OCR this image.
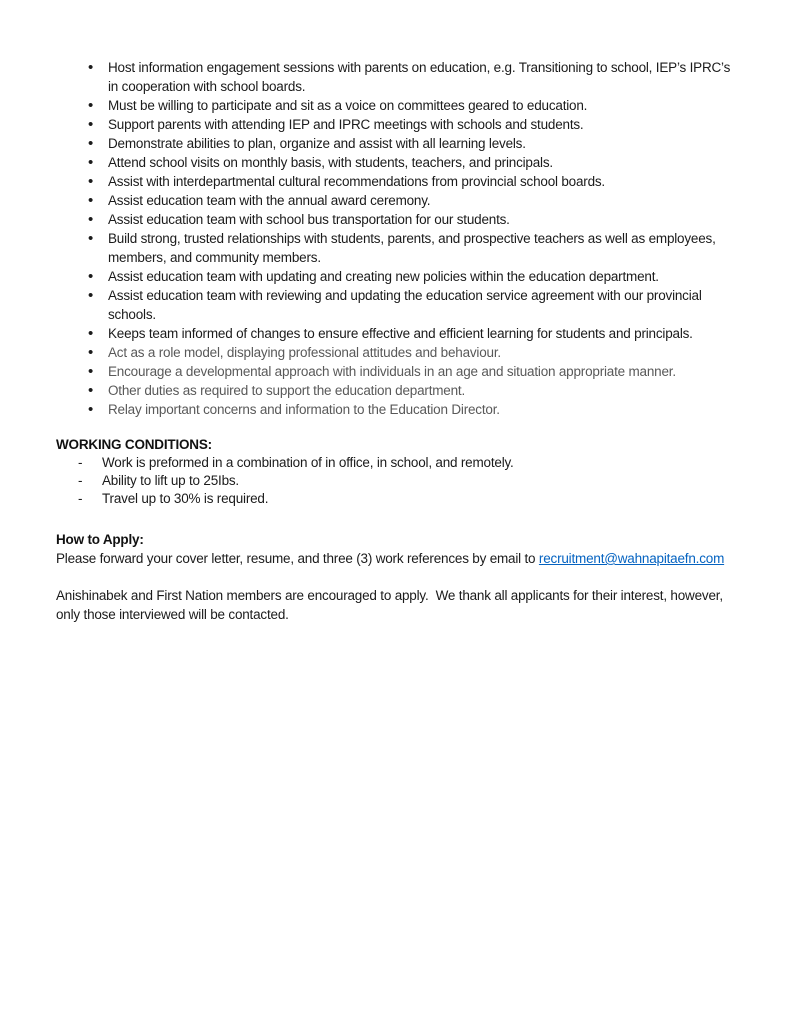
• Host information engagement sessions with parents on education, e.g. Transitioning to school, IEP’s IPRC’s in cooperation with school boards.
• Must be willing to participate and sit as a voice on committees geared to education.
• Support parents with attending IEP and IPRC meetings with schools and students.
• Demonstrate abilities to plan, organize and assist with all learning levels.
• Attend school visits on monthly basis, with students, teachers, and principals.
• Assist with interdepartmental cultural recommendations from provincial school boards.
• Assist education team with the annual award ceremony.
• Assist education team with school bus transportation for our students.
• Build strong, trusted relationships with students, parents, and prospective teachers as well as employees, members, and community members.
• Assist education team with updating and creating new policies within the education department.
• Assist education team with reviewing and updating the education service agreement with our provincial schools.
• Keeps team informed of changes to ensure effective and efficient learning for students and principals.
• Act as a role model, displaying professional attitudes and behaviour.
• Encourage a developmental approach with individuals in an age and situation appropriate manner.
• Other duties as required to support the education department.
• Relay important concerns and information to the Education Director.

WORKING CONDITIONS:

- Work is preformed in a combination of in office, in school, and remotely.
- Ability to lift up to 25Ibs.
- Travel up to 30% is required.

How to Apply:

Please forward your cover letter, resume, and three (3) work references by email to recruitment@wahnapitaefn.com

Anishinabek and First Nation members are encouraged to apply.  We thank all applicants for their interest, however, only those interviewed will be contacted.
